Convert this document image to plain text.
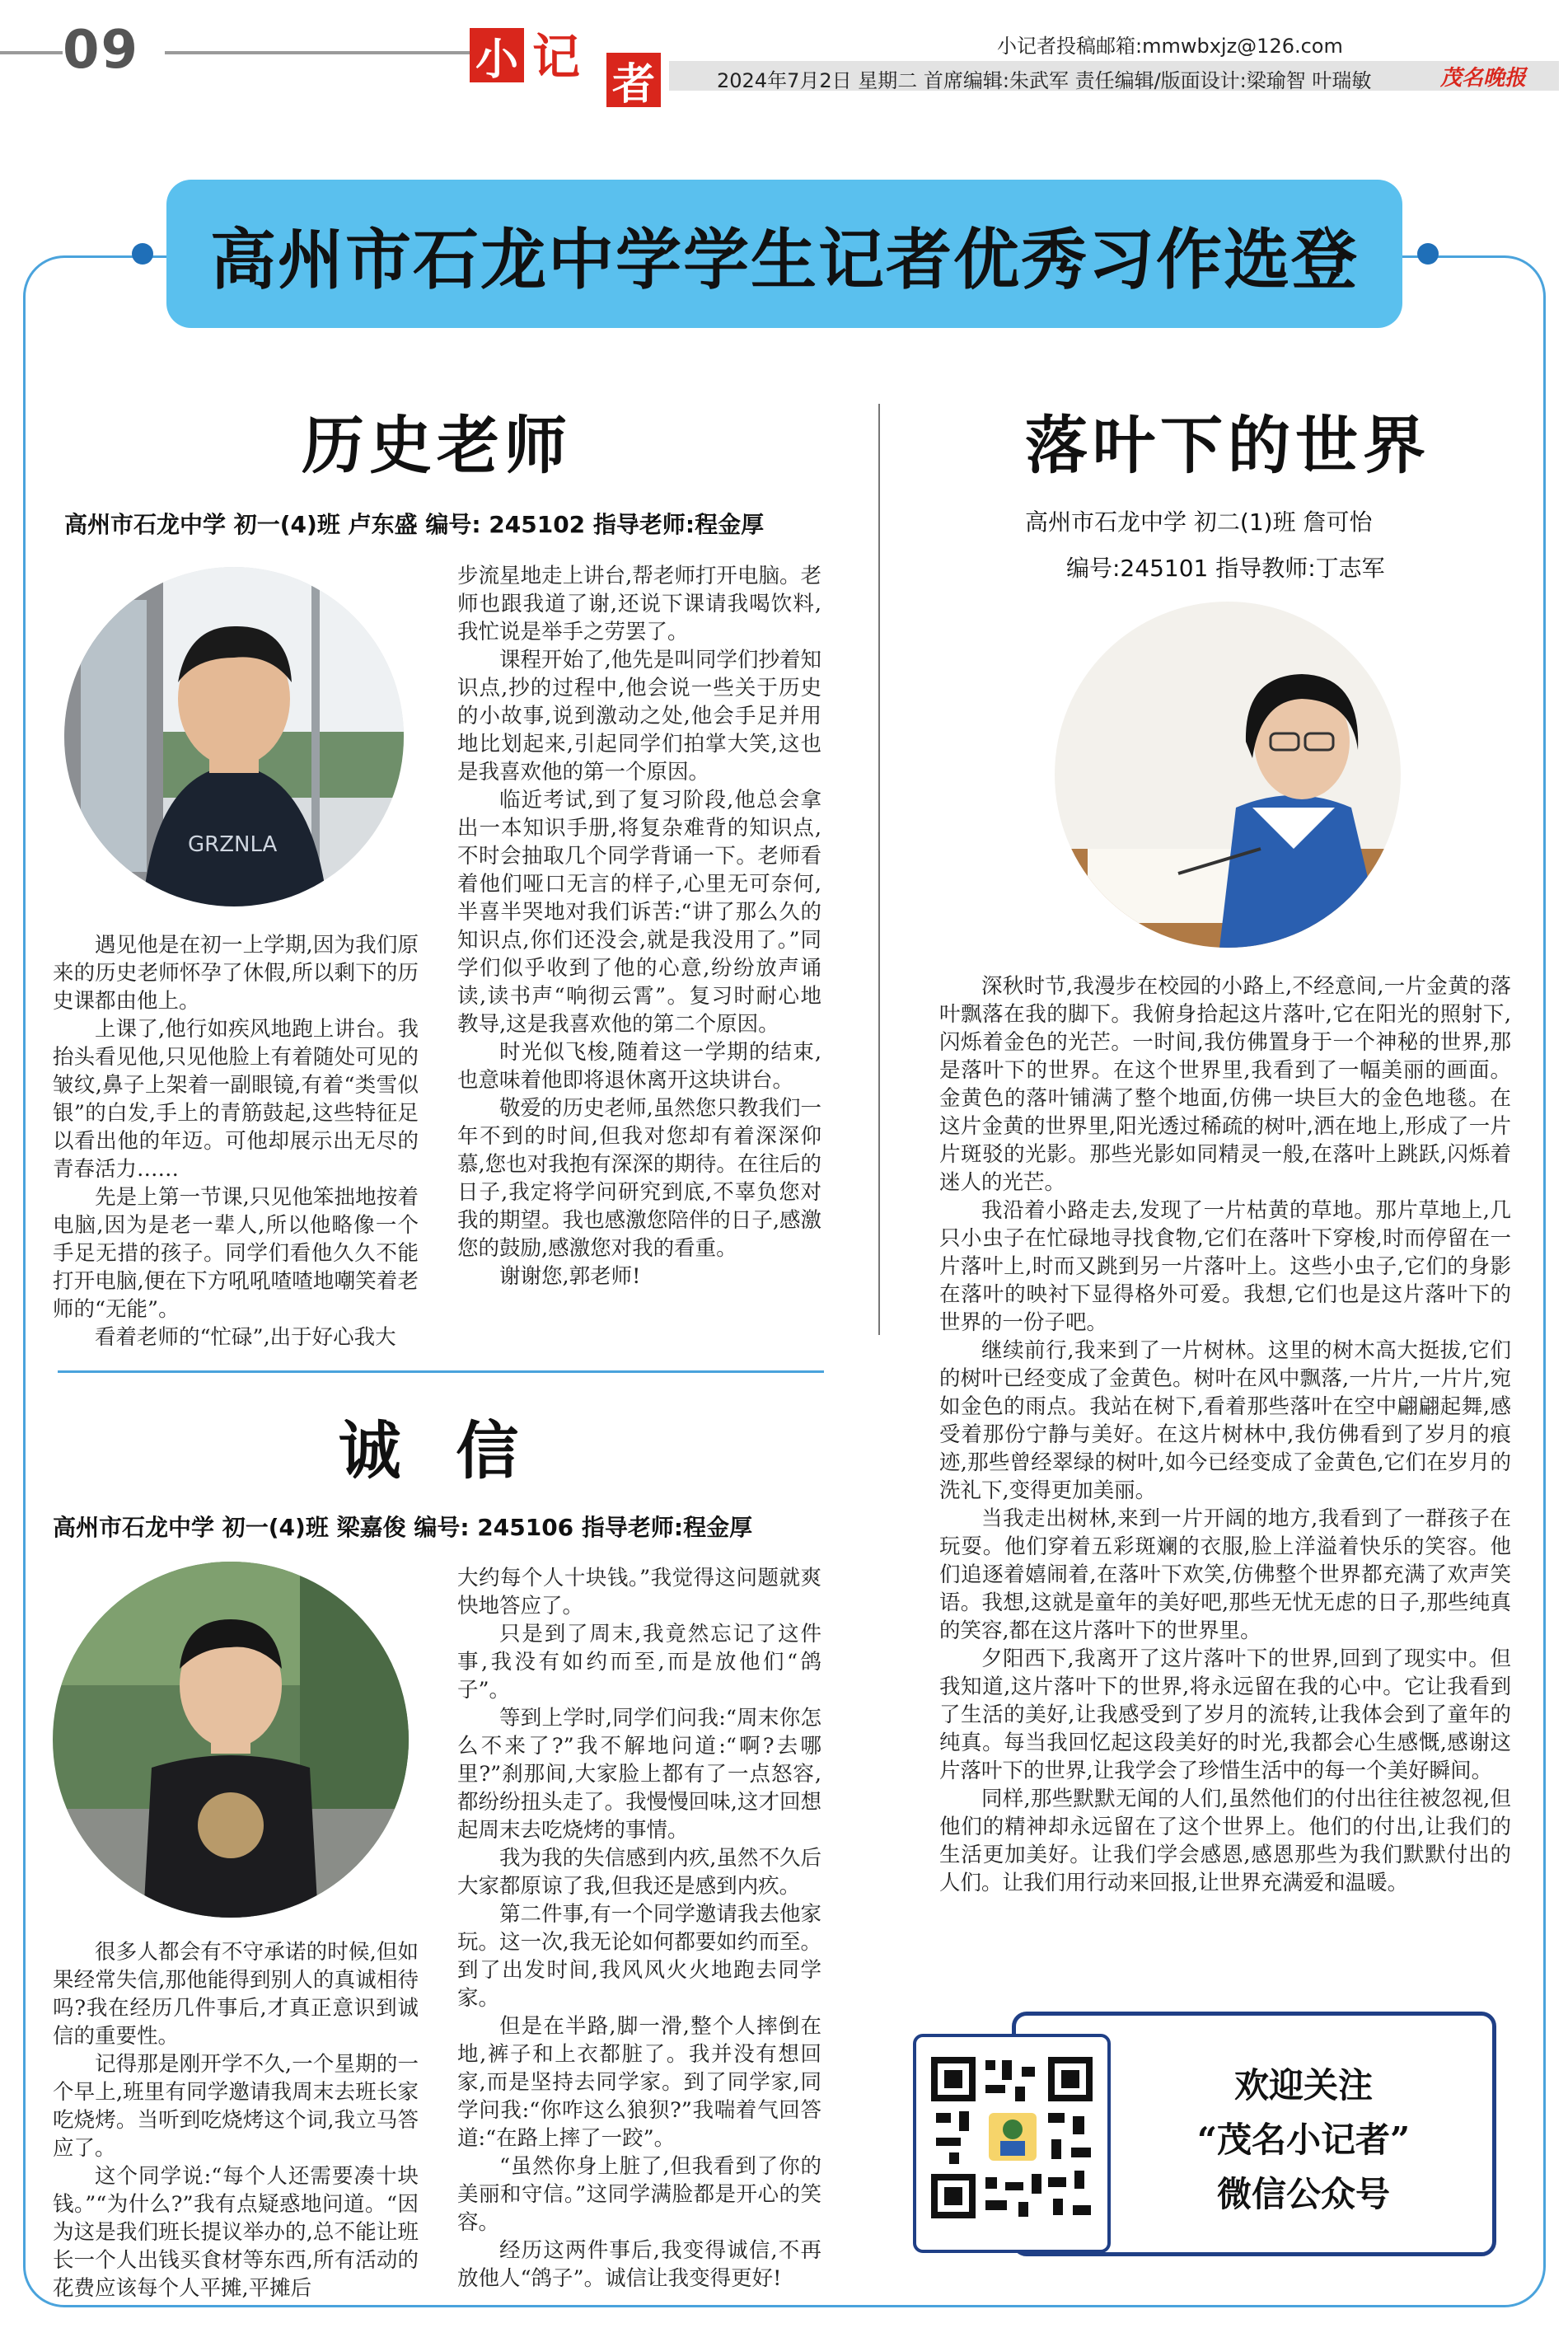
09	小 记 者
小记者投稿邮箱:mmwbxjz@126.com
2024年7月2日 星期二 首席编辑:朱武军 责任编辑/版面设计:梁瑜智 叶瑞敏	茂名晚报
高州市石龙中学学生记者优秀习作选登
历史老师
高州市石龙中学 初一(4)班 卢东盛 编号: 245102 指导老师:程金厚
GRZNLA

遇见他是在初一上学期,因为我们原来的历史老师怀孕了休假,所以剩下的历史课都由他上。

上课了,他行如疾风地跑上讲台。我抬头看见他,只见他脸上有着随处可见的皱纹,鼻子上架着一副眼镜,有着“类雪似银”的白发,手上的青筋鼓起,这些特征足以看出他的年迈。可他却展示出无尽的青春活力……

先是上第一节课,只见他笨拙地按着电脑,因为是老一辈人,所以他略像一个手足无措的孩子。同学们看他久久不能打开电脑,便在下方吼吼喳喳地嘲笑着老师的“无能”。

看着老师的“忙碌”,出于好心我大

步流星地走上讲台,帮老师打开电脑。老师也跟我道了谢,还说下课请我喝饮料,我忙说是举手之劳罢了。

课程开始了,他先是叫同学们抄着知识点,抄的过程中,他会说一些关于历史的小故事,说到激动之处,他会手足并用地比划起来,引起同学们拍掌大笑,这也是我喜欢他的第一个原因。

临近考试,到了复习阶段,他总会拿出一本知识手册,将复杂难背的知识点,不时会抽取几个同学背诵一下。老师看着他们哑口无言的样子,心里无可奈何,半喜半哭地对我们诉苦:“讲了那么久的知识点,你们还没会,就是我没用了。”同学们似乎收到了他的心意,纷纷放声诵读,读书声“响彻云霄”。复习时耐心地教导,这是我喜欢他的第二个原因。

时光似飞梭,随着这一学期的结束,也意味着他即将退休离开这块讲台。

敬爱的历史老师,虽然您只教我们一年不到的时间,但我对您却有着深深仰慕,您也对我抱有深深的期待。在往后的日子,我定将学问研究到底,不辜负您对我的期望。我也感激您陪伴的日子,感激您的鼓励,感激您对我的看重。

谢谢您,郭老师!

诚 信
高州市石龙中学 初一(4)班 梁嘉俊 编号: 245106 指导老师:程金厚

很多人都会有不守承诺的时候,但如果经常失信,那他能得到别人的真诚相待吗?我在经历几件事后,才真正意识到诚信的重要性。

记得那是刚开学不久,一个星期的一个早上,班里有同学邀请我周末去班长家吃烧烤。当听到吃烧烤这个词,我立马答应了。

这个同学说:“每个人还需要凑十块钱。”“为什么?”我有点疑惑地问道。“因为这是我们班长提议举办的,总不能让班长一个人出钱买食材等东西,所有活动的花费应该每个人平摊,平摊后

大约每个人十块钱。”我觉得这问题就爽快地答应了。

只是到了周末,我竟然忘记了这件事,我没有如约而至,而是放他们“鸽子”。

等到上学时,同学们问我:“周末你怎么不来了?”我不解地问道:“啊?去哪里?”刹那间,大家脸上都有了一点怒容,都纷纷扭头走了。我慢慢回味,这才回想起周末去吃烧烤的事情。

我为我的失信感到内疚,虽然不久后大家都原谅了我,但我还是感到内疚。

第二件事,有一个同学邀请我去他家玩。这一次,我无论如何都要如约而至。到了出发时间,我风风火火地跑去同学家。

但是在半路,脚一滑,整个人摔倒在地,裤子和上衣都脏了。我并没有想回家,而是坚持去同学家。到了同学家,同学问我:“你咋这么狼狈?”我喘着气回答道:“在路上摔了一跤”。

“虽然你身上脏了,但我看到了你的美丽和守信。”这同学满脸都是开心的笑容。

经历这两件事后,我变得诚信,不再放他人“鸽子”。诚信让我变得更好!

落叶下的世界
高州市石龙中学 初二(1)班 詹可怡
编号:245101 指导教师:丁志军

深秋时节,我漫步在校园的小路上,不经意间,一片金黄的落叶飘落在我的脚下。我俯身拾起这片落叶,它在阳光的照射下,闪烁着金色的光芒。一时间,我仿佛置身于一个神秘的世界,那是落叶下的世界。在这个世界里,我看到了一幅美丽的画面。金黄色的落叶铺满了整个地面,仿佛一块巨大的金色地毯。在这片金黄的世界里,阳光透过稀疏的树叶,洒在地上,形成了一片片斑驳的光影。那些光影如同精灵一般,在落叶上跳跃,闪烁着迷人的光芒。

我沿着小路走去,发现了一片枯黄的草地。那片草地上,几只小虫子在忙碌地寻找食物,它们在落叶下穿梭,时而停留在一片落叶上,时而又跳到另一片落叶上。这些小虫子,它们的身影在落叶的映衬下显得格外可爱。我想,它们也是这片落叶下的世界的一份子吧。

继续前行,我来到了一片树林。这里的树木高大挺拔,它们的树叶已经变成了金黄色。树叶在风中飘落,一片片,一片片,宛如金色的雨点。我站在树下,看着那些落叶在空中翩翩起舞,感受着那份宁静与美好。在这片树林中,我仿佛看到了岁月的痕迹,那些曾经翠绿的树叶,如今已经变成了金黄色,它们在岁月的洗礼下,变得更加美丽。

当我走出树林,来到一片开阔的地方,我看到了一群孩子在玩耍。他们穿着五彩斑斓的衣服,脸上洋溢着快乐的笑容。他们追逐着嬉闹着,在落叶下欢笑,仿佛整个世界都充满了欢声笑语。我想,这就是童年的美好吧,那些无忧无虑的日子,那些纯真的笑容,都在这片落叶下的世界里。

夕阳西下,我离开了这片落叶下的世界,回到了现实中。但我知道,这片落叶下的世界,将永远留在我的心中。它让我看到了生活的美好,让我感受到了岁月的流转,让我体会到了童年的纯真。每当我回忆起这段美好的时光,我都会心生感慨,感谢这片落叶下的世界,让我学会了珍惜生活中的每一个美好瞬间。

同样,那些默默无闻的人们,虽然他们的付出往往被忽视,但他们的精神却永远留在了这个世界上。他们的付出,让我们的生活更加美好。让我们学会感恩,感恩那些为我们默默付出的人们。让我们用行动来回报,让世界充满爱和温暖。

欢迎关注
“茂名小记者”
微信公众号
